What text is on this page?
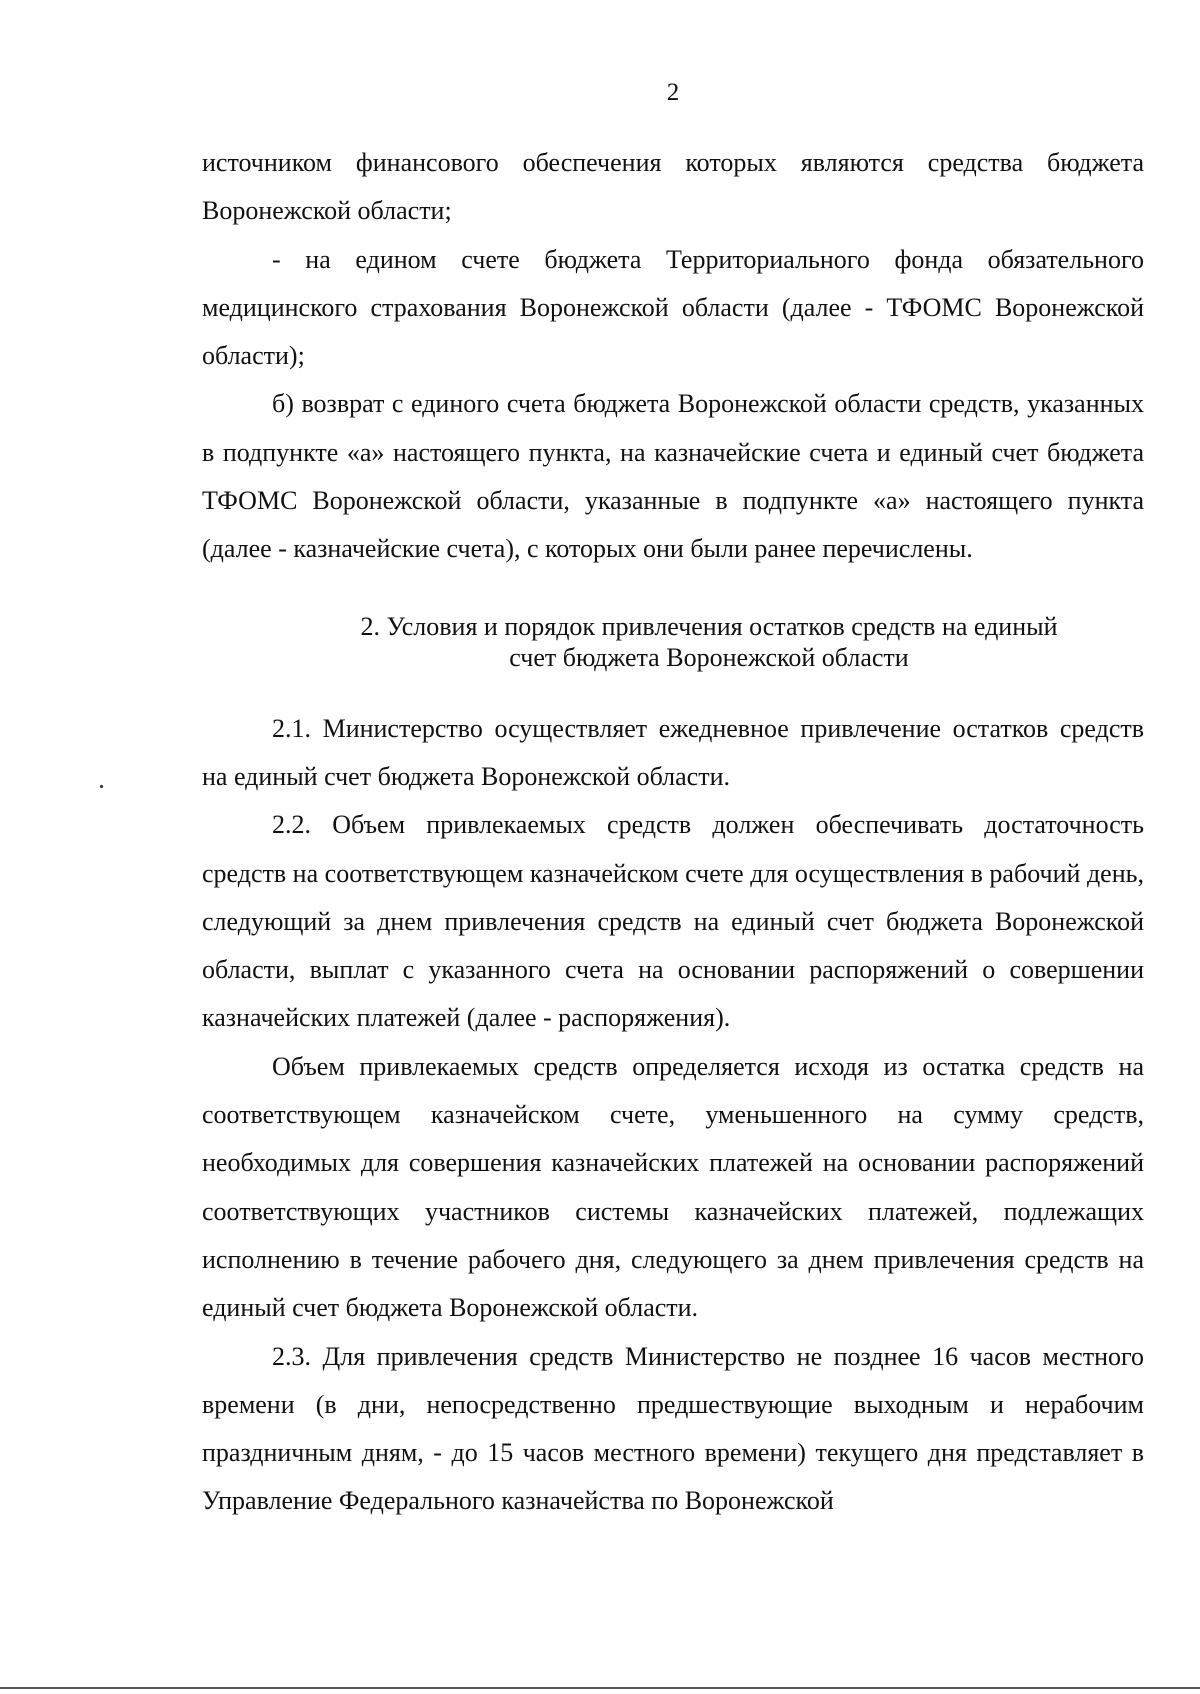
2

источником финансового обеспечения которых являются средства бюджета Воронежской области;

- на едином счете бюджета Территориального фонда обязательного медицинского страхования Воронежской области (далее - ТФОМС Воронежской области);

б) возврат с единого счета бюджета Воронежской области средств, указанных в подпункте «а» настоящего пункта, на казначейские счета и единый счет бюджета ТФОМС Воронежской области, указанные в подпункте «а» настоящего пункта (далее - казначейские счета), с которых они были ранее перечислены.

2. Условия и порядок привлечения остатков средств на единый
счет бюджета Воронежской области

2.1. Министерство осуществляет ежедневное привлечение остатков средств на единый счет бюджета Воронежской области.

2.2. Объем привлекаемых средств должен обеспечивать достаточность средств на соответствующем казначейском счете для осуществления в рабочий день, следующий за днем привлечения средств на единый счет бюджета Воронежской области, выплат с указанного счета на основании распоряжений о совершении казначейских платежей (далее - распоряжения).

Объем привлекаемых средств определяется исходя из остатка средств на соответствующем казначейском счете, уменьшенного на сумму средств, необходимых для совершения казначейских платежей на основании распоряжений соответствующих участников системы казначейских платежей, подлежащих исполнению в течение рабочего дня, следующего за днем привлечения средств на единый счет бюджета Воронежской области.

2.3. Для привлечения средств Министерство не позднее 16 часов местного времени (в дни, непосредственно предшествующие выходным и нерабочим праздничным дням, - до 15 часов местного времени) текущего дня представляет в Управление Федерального казначейства по Воронежской
